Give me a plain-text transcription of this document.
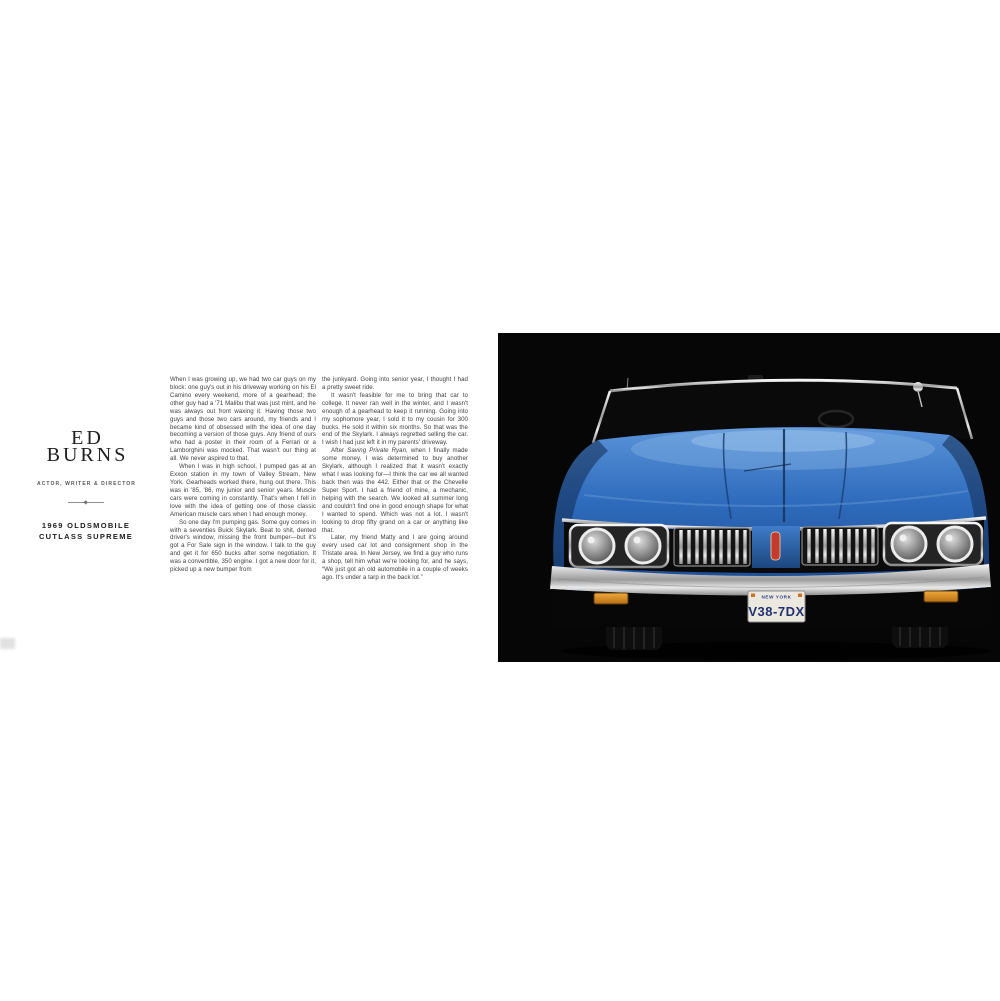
ED
BURNS
ACTOR, WRITER & DIRECTOR
1969 OLDSMOBILE
CUTLASS SUPREME

When I was growing up, we had two car guys on my block: one guy's out in his driveway working on his El Camino every weekend, more of a gearhead; the other guy had a '71 Malibu that was just mint, and he was always out front waxing it. Having those two guys and those two cars around, my friends and I became kind of obsessed with the idea of one day becoming a version of those guys. Any friend of ours who had a poster in their room of a Ferrari or a Lamborghini was mocked. That wasn't our thing at all. We never aspired to that.

When I was in high school, I pumped gas at an Exxon station in my town of Valley Stream, New York. Gearheads worked there, hung out there. This was in '85, '86, my junior and senior years. Muscle cars were coming in constantly. That's when I fell in love with the idea of getting one of those classic American muscle cars when I had enough money.

So one day I'm pumping gas. Some guy comes in with a seventies Buick Skylark. Beat to shit, dented driver's window, missing the front bumper—but it's got a For Sale sign in the window. I talk to the guy and get it for 650 bucks after some negotiation. It was a convertible, 350 engine. I got a new door for it, picked up a new bumper from

the junkyard. Going into senior year, I thought I had a pretty sweet ride.

It wasn't feasible for me to bring that car to college. It never ran well in the winter, and I wasn't enough of a gearhead to keep it running. Going into my sophomore year, I sold it to my cousin for 300 bucks. He sold it within six months. So that was the end of the Skylark. I always regretted selling the car. I wish I had just left it in my parents' driveway.

After Saving Private Ryan, when I finally made some money, I was determined to buy another Skylark, although I realized that it wasn't exactly what I was looking for—I think the car we all wanted back then was the 442. Either that or the Chevelle Super Sport. I had a friend of mine, a mechanic, helping with the search. We looked all summer long and couldn't find one in good enough shape for what I wanted to spend. Which was not a lot. I wasn't looking to drop fifty grand on a car or anything like that.

Later, my friend Matty and I are going around every used car lot and consignment shop in the Tristate area. In New Jersey, we find a guy who runs a shop, tell him what we're looking for, and he says, “We just got an old automobile in a couple of weeks ago. It's under a tarp in the back lot.”

NEW YORK
V38-7DX
